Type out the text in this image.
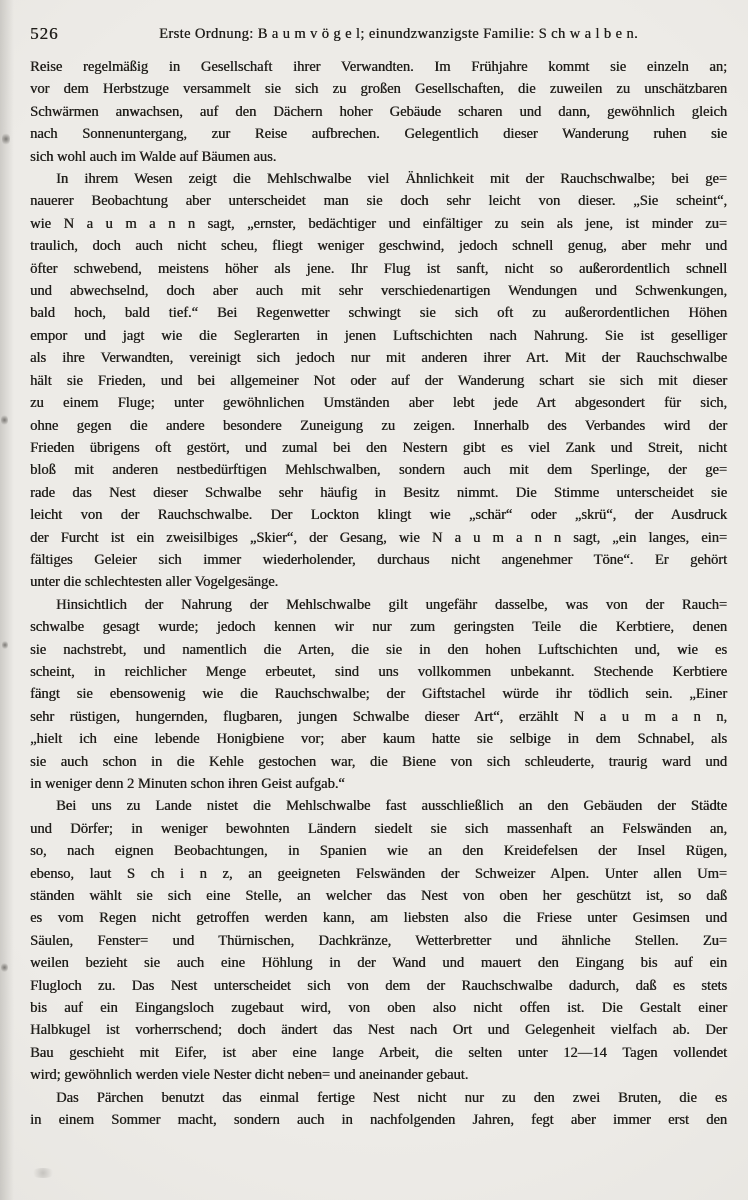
526	Erste Ordnung: B a u m v ö g e l; einundzwanzigste Familie: S ch w a l b e n.
Reise regelmäßig in Gesellschaft ihrer Verwandten. Im Frühjahre kommt sie einzeln an;
vor dem Herbstzuge versammelt sie sich zu großen Gesellschaften, die zuweilen zu unschätzbaren
Schwärmen anwachsen, auf den Dächern hoher Gebäude scharen und dann, gewöhnlich gleich
nach Sonnenuntergang, zur Reise aufbrechen. Gelegentlich dieser Wanderung ruhen sie
sich wohl auch im Walde auf Bäumen aus.
In ihrem Wesen zeigt die Mehlschwalbe viel Ähnlichkeit mit der Rauchschwalbe; bei ge=
nauerer Beobachtung aber unterscheidet man sie doch sehr leicht von dieser. „Sie scheint“,
wie N a u m a n n sagt, „ernster, bedächtiger und einfältiger zu sein als jene, ist minder zu=
traulich, doch auch nicht scheu, fliegt weniger geschwind, jedoch schnell genug, aber mehr und
öfter schwebend, meistens höher als jene. Ihr Flug ist sanft, nicht so außerordentlich schnell
und abwechselnd, doch aber auch mit sehr verschiedenartigen Wendungen und Schwenkungen,
bald hoch, bald tief.“ Bei Regenwetter schwingt sie sich oft zu außerordentlichen Höhen
empor und jagt wie die Seglerarten in jenen Luftschichten nach Nahrung. Sie ist geselliger
als ihre Verwandten, vereinigt sich jedoch nur mit anderen ihrer Art. Mit der Rauchschwalbe
hält sie Frieden, und bei allgemeiner Not oder auf der Wanderung schart sie sich mit dieser
zu einem Fluge; unter gewöhnlichen Umständen aber lebt jede Art abgesondert für sich,
ohne gegen die andere besondere Zuneigung zu zeigen. Innerhalb des Verbandes wird der
Frieden übrigens oft gestört, und zumal bei den Nestern gibt es viel Zank und Streit, nicht
bloß mit anderen nestbedürftigen Mehlschwalben, sondern auch mit dem Sperlinge, der ge=
rade das Nest dieser Schwalbe sehr häufig in Besitz nimmt. Die Stimme unterscheidet sie
leicht von der Rauchschwalbe. Der Lockton klingt wie „schär“ oder „skrü“, der Ausdruck
der Furcht ist ein zweisilbiges „Skier“, der Gesang, wie N a u m a n n sagt, „ein langes, ein=
fältiges Geleier sich immer wiederholender, durchaus nicht angenehmer Töne“. Er gehört
unter die schlechtesten aller Vogelgesänge.
Hinsichtlich der Nahrung der Mehlschwalbe gilt ungefähr dasselbe, was von der Rauch=
schwalbe gesagt wurde; jedoch kennen wir nur zum geringsten Teile die Kerbtiere, denen
sie nachstrebt, und namentlich die Arten, die sie in den hohen Luftschichten und, wie es
scheint, in reichlicher Menge erbeutet, sind uns vollkommen unbekannt. Stechende Kerbtiere
fängt sie ebensowenig wie die Rauchschwalbe; der Giftstachel würde ihr tödlich sein. „Einer
sehr rüstigen, hungernden, flugbaren, jungen Schwalbe dieser Art“, erzählt N a u m a n n,
„hielt ich eine lebende Honigbiene vor; aber kaum hatte sie selbige in dem Schnabel, als
sie auch schon in die Kehle gestochen war, die Biene von sich schleuderte, traurig ward und
in weniger denn 2 Minuten schon ihren Geist aufgab.“
Bei uns zu Lande nistet die Mehlschwalbe fast ausschließlich an den Gebäuden der Städte
und Dörfer; in weniger bewohnten Ländern siedelt sie sich massenhaft an Felswänden an,
so, nach eignen Beobachtungen, in Spanien wie an den Kreidefelsen der Insel Rügen,
ebenso, laut S ch i n z, an geeigneten Felswänden der Schweizer Alpen. Unter allen Um=
ständen wählt sie sich eine Stelle, an welcher das Nest von oben her geschützt ist, so daß
es vom Regen nicht getroffen werden kann, am liebsten also die Friese unter Gesimsen und
Säulen, Fenster= und Thürnischen, Dachkränze, Wetterbretter und ähnliche Stellen. Zu=
weilen bezieht sie auch eine Höhlung in der Wand und mauert den Eingang bis auf ein
Flugloch zu. Das Nest unterscheidet sich von dem der Rauchschwalbe dadurch, daß es stets
bis auf ein Eingangsloch zugebaut wird, von oben also nicht offen ist. Die Gestalt einer
Halbkugel ist vorherrschend; doch ändert das Nest nach Ort und Gelegenheit vielfach ab. Der
Bau geschieht mit Eifer, ist aber eine lange Arbeit, die selten unter 12—14 Tagen vollendet
wird; gewöhnlich werden viele Nester dicht neben= und aneinander gebaut.
Das Pärchen benutzt das einmal fertige Nest nicht nur zu den zwei Bruten, die es
in einem Sommer macht, sondern auch in nachfolgenden Jahren, fegt aber immer erst den
